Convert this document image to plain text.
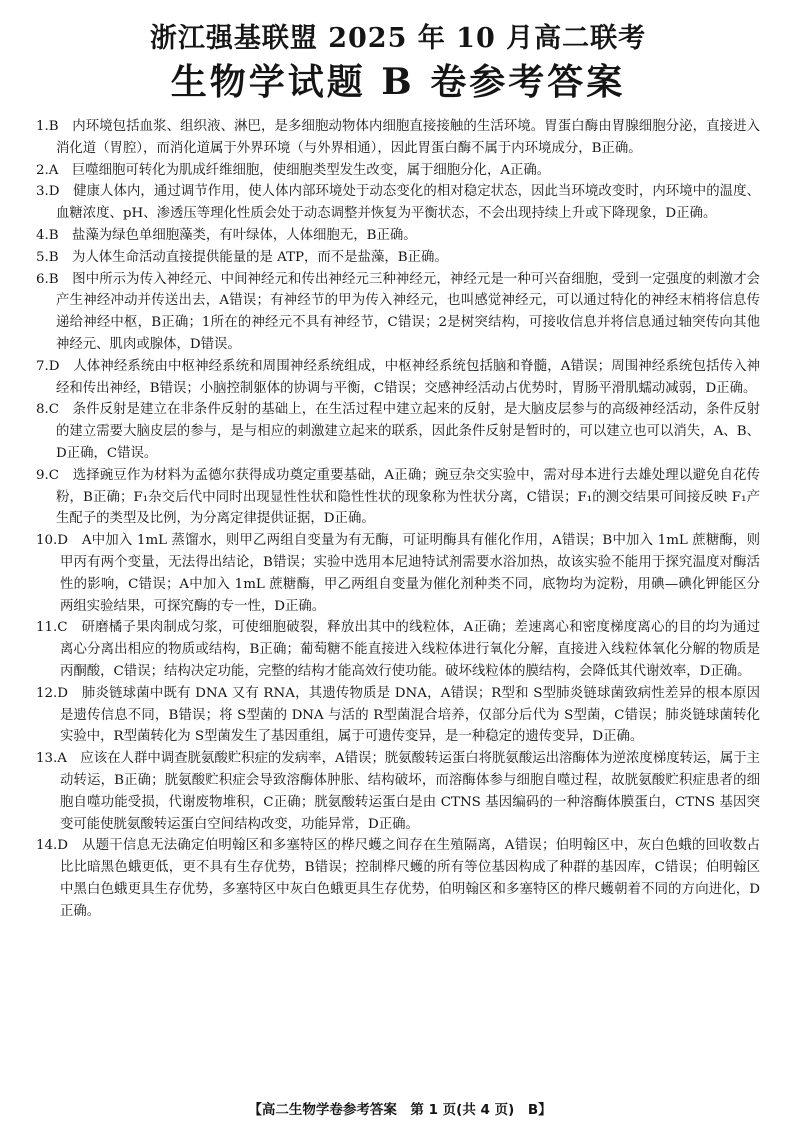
浙江强基联盟 2025 年 10 月高二联考
生物学试题 B 卷参考答案

1.B　 内环境包括血浆、组织液、淋巴，是多细胞动物体内细胞直接接触的生活环境。胃蛋白酶由胃腺细胞分泌，直接进入消化道（胃腔），而消化道属于外界环境（与外界相通），因此胃蛋白酶不属于内环境成分，B正确。

2.A　 巨噬细胞可转化为肌成纤维细胞，使细胞类型发生改变，属于细胞分化，A正确。

3.D　 健康人体内，通过调节作用，使人体内部环境处于动态变化的相对稳定状态，因此当环境改变时，内环境中的温度、血糖浓度、pH、渗透压等理化性质会处于动态调整并恢复为平衡状态，不会出现持续上升或下降现象，D正确。

4.B　 盐藻为绿色单细胞藻类，有叶绿体，人体细胞无，B正确。

5.B　 为人体生命活动直接提供能量的是 ATP，而不是盐藻，B正确。

6.B　 图中所示为传入神经元、中间神经元和传出神经元三种神经元，神经元是一种可兴奋细胞，受到一定强度的刺激才会产生神经冲动并传送出去，A错误；有神经节的甲为传入神经元，也叫感觉神经元，可以通过特化的神经末梢将信息传递给神经中枢，B正确；1所在的神经元不具有神经节，C错误；2是树突结构，可接收信息并将信息通过轴突传向其他神经元、肌肉或腺体，D错误。

7.D　 人体神经系统由中枢神经系统和周围神经系统组成，中枢神经系统包括脑和脊髓，A错误；周围神经系统包括传入神经和传出神经，B错误；小脑控制躯体的协调与平衡，C错误；交感神经活动占优势时，胃肠平滑肌蠕动减弱，D正确。

8.C　 条件反射是建立在非条件反射的基础上，在生活过程中建立起来的反射，是大脑皮层参与的高级神经活动，条件反射的建立需要大脑皮层的参与，是与相应的刺激建立起来的联系，因此条件反射是暂时的，可以建立也可以消失，A、B、D正确，C错误。

9.C　 选择豌豆作为材料为孟德尔获得成功奠定重要基础，A正确；豌豆杂交实验中，需对母本进行去雄处理以避免自花传粉，B正确；F₁杂交后代中同时出现显性性状和隐性性状的现象称为性状分离，C错误；F₁的测交结果可间接反映 F₁产生配子的类型及比例，为分离定律提供证据，D正确。

10.D　 A中加入 1mL 蒸馏水，则甲乙两组自变量为有无酶，可证明酶具有催化作用，A错误；B中加入 1mL 蔗糖酶，则甲丙有两个变量，无法得出结论，B错误；实验中选用本尼迪特试剂需要水浴加热，故该实验不能用于探究温度对酶活性的影响，C错误；A中加入 1mL 蔗糖酶，甲乙两组自变量为催化剂种类不同，底物均为淀粉，用碘—碘化钾能区分两组实验结果，可探究酶的专一性，D正确。

11.C　 研磨橘子果肉制成匀浆，可使细胞破裂，释放出其中的线粒体，A正确；差速离心和密度梯度离心的目的均为通过离心分离出相应的物质或结构，B正确；葡萄糖不能直接进入线粒体进行氧化分解，直接进入线粒体氧化分解的物质是丙酮酸，C错误；结构决定功能，完整的结构才能高效行使功能。破坏线粒体的膜结构，会降低其代谢效率，D正确。

12.D　 肺炎链球菌中既有 DNA 又有 RNA，其遗传物质是 DNA，A错误；R型和 S型肺炎链球菌致病性差异的根本原因是遗传信息不同，B错误；将 S型菌的 DNA 与活的 R型菌混合培养，仅部分后代为 S型菌，C错误；肺炎链球菌转化实验中，R型菌转化为 S型菌发生了基因重组，属于可遗传变异，是一种稳定的遗传变异，D正确。

13.A　 应该在人群中调查胱氨酸贮积症的发病率，A错误；胱氨酸转运蛋白将胱氨酸运出溶酶体为逆浓度梯度转运，属于主动转运，B正确；胱氨酸贮积症会导致溶酶体肿胀、结构破坏，而溶酶体参与细胞自噬过程，故胱氨酸贮积症患者的细胞自噬功能受损，代谢废物堆积，C正确；胱氨酸转运蛋白是由 CTNS 基因编码的一种溶酶体膜蛋白，CTNS 基因突变可能使胱氨酸转运蛋白空间结构改变，功能异常，D正确。

14.D　 从题干信息无法确定伯明翰区和多塞特区的桦尺蠖之间存在生殖隔离，A错误；伯明翰区中，灰白色蛾的回收数占比比暗黑色蛾更低，更不具有生存优势，B错误；控制桦尺蠖的所有等位基因构成了种群的基因库，C错误；伯明翰区中黑白色蛾更具生存优势，多塞特区中灰白色蛾更具生存优势，伯明翰区和多塞特区的桦尺蠖朝着不同的方向进化，D正确。

【高二生物学卷参考答案　第 1 页(共 4 页)　B】
